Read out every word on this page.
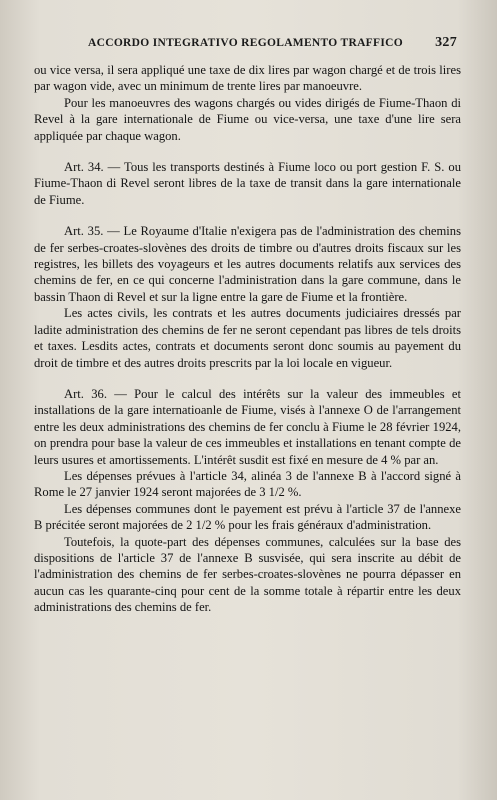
ACCORDO INTEGRATIVO REGOLAMENTO TRAFFICO 327

ou vice versa, il sera appliqué une taxe de dix lires par wagon chargé et de trois lires par wagon vide, avec un minimum de trente lires par manoeuvre.

Pour les manoeuvres des wagons chargés ou vides dirigés de Fiume-Thaon di Revel à la gare internationale de Fiume ou vice-versa, une taxe d'une lire sera appliquée par chaque wagon.

Art. 34. — Tous les transports destinés à Fiume loco ou port gestion F. S. ou Fiume-Thaon di Revel seront libres de la taxe de transit dans la gare internationale de Fiume.

Art. 35. — Le Royaume d'Italie n'exigera pas de l'administration des chemins de fer serbes-croates-slovènes des droits de timbre ou d'autres droits fiscaux sur les registres, les billets des voyageurs et les autres documents relatifs aux services des chemins de fer, en ce qui concerne l'administration dans la gare commune, dans le bassin Thaon di Revel et sur la ligne entre la gare de Fiume et la frontière.

Les actes civils, les contrats et les autres documents judiciaires dressés par ladite administration des chemins de fer ne seront cependant pas libres de tels droits et taxes. Lesdits actes, contrats et documents seront donc soumis au payement du droit de timbre et des autres droits prescrits par la loi locale en vigueur.

Art. 36. — Pour le calcul des intérêts sur la valeur des immeubles et installations de la gare internatioanle de Fiume, visés à l'annexe O de l'arrangement entre les deux administrations des chemins de fer conclu à Fiume le 28 février 1924, on prendra pour base la valeur de ces immeubles et installations en tenant compte de leurs usures et amortissements. L'intérêt susdit est fixé en mesure de 4 % par an.

Les dépenses prévues à l'article 34, alinéa 3 de l'annexe B à l'accord signé à Rome le 27 janvier 1924 seront majorées de 3 1/2 %.

Les dépenses communes dont le payement est prévu à l'article 37 de l'annexe B précitée seront majorées de 2 1/2 % pour les frais généraux d'administration.

Toutefois, la quote-part des dépenses communes, calculées sur la base des dispositions de l'article 37 de l'annexe B susvisée, qui sera inscrite au débit de l'administration des chemins de fer serbes-croates-slovènes ne pourra dépasser en aucun cas les quarante-cinq pour cent de la somme totale à répartir entre les deux administrations des chemins de fer.
